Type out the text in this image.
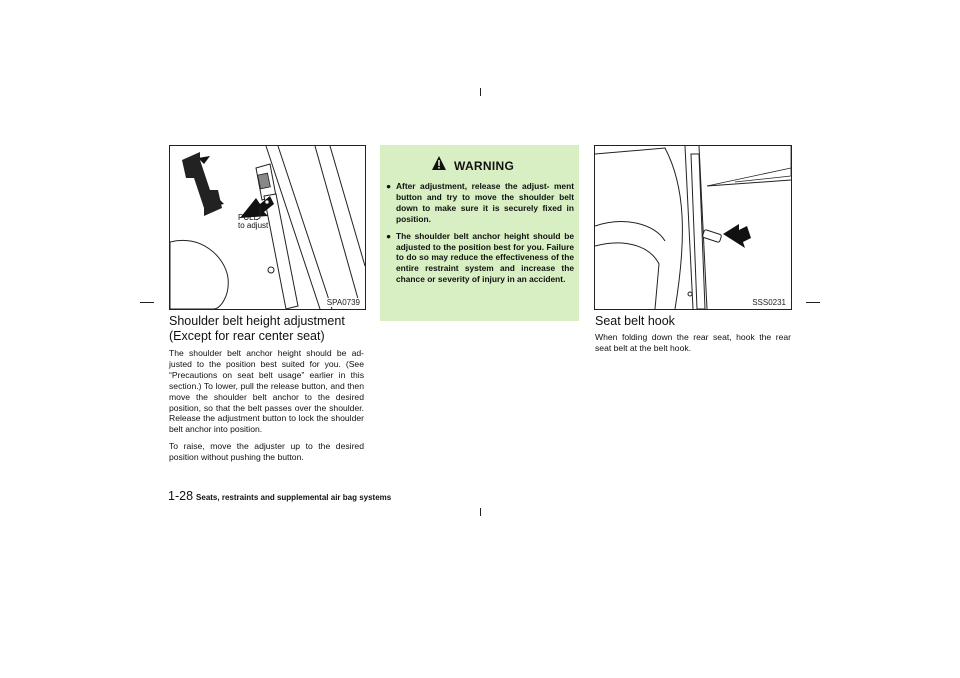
PULL
to adjust
SPA0739
Shoulder belt height adjustment
(Except for rear center seat)

The shoulder belt anchor height should be ad- justed to the position best suited for you. (See “Precautions on seat belt usage” earlier in this section.) To lower, pull the release button, and then move the shoulder belt anchor to the desired position, so that the belt passes over the shoulder. Release the adjustment button to lock the shoulder belt anchor into position.

To raise, move the adjuster up to the desired position without pushing the button.

WARNING
● After adjustment, release the adjust- ment button and try to move the shoulder belt down to make sure it is securely fixed in position.
● The shoulder belt anchor height should be adjusted to the position best for you. Failure to do so may reduce the effectiveness of the entire restraint system and increase the chance or severity of injury in an accident.
SSS0231
Seat belt hook

When folding down the rear seat, hook the rear seat belt at the belt hook.

1-28 Seats, restraints and supplemental air bag systems
